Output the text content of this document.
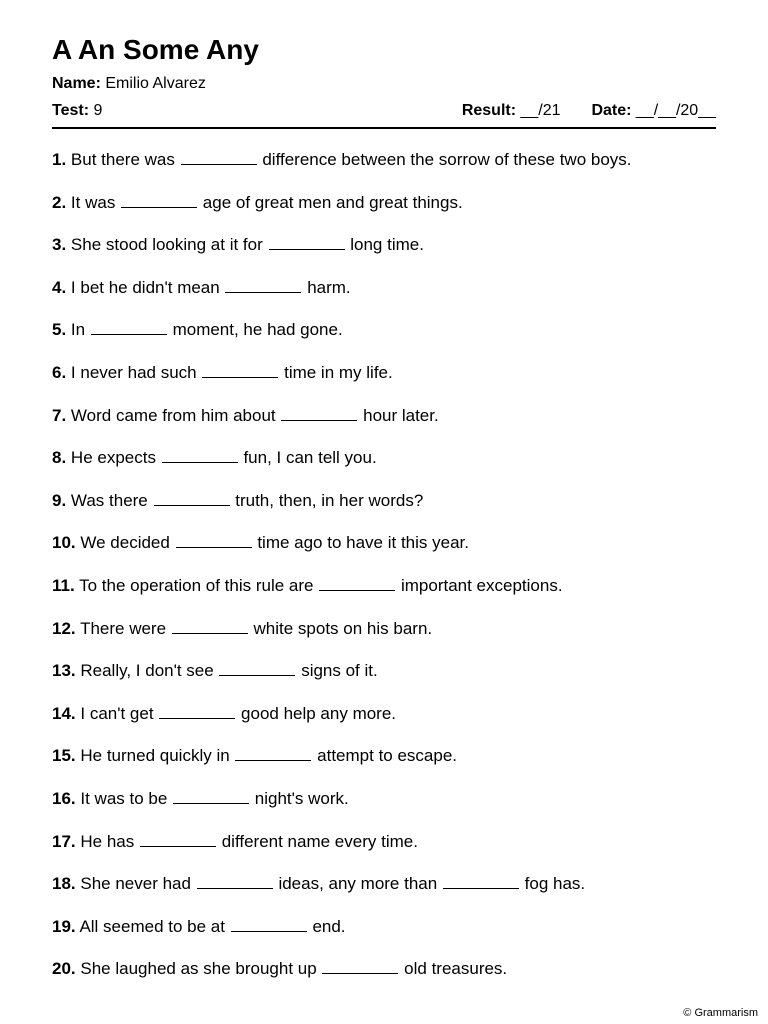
A An Some Any
Name: Emilio Alvarez
Test: 9	Result: __/21 Date: __/__/20__
1. But there was	difference between the sorrow of these two boys.
2. It was	age of great men and great things.
3. She stood looking at it for	long time.
4. I bet he didn't mean	harm.
5. In	moment, he had gone.
6. I never had such	time in my life.
7. Word came from him about	hour later.
8. He expects	fun, I can tell you.
9. Was there	truth, then, in her words?
10. We decided	time ago to have it this year.
11. To the operation of this rule are	important exceptions.
12. There were	white spots on his barn.
13. Really, I don't see	signs of it.
14. I can't get	good help any more.
15. He turned quickly in	attempt to escape.
16. It was to be	night's work.
17. He has	different name every time.
18. She never had	ideas, any more than	fog has.
19. All seemed to be at	end.
20. She laughed as she brought up	old treasures.
© Grammarism
